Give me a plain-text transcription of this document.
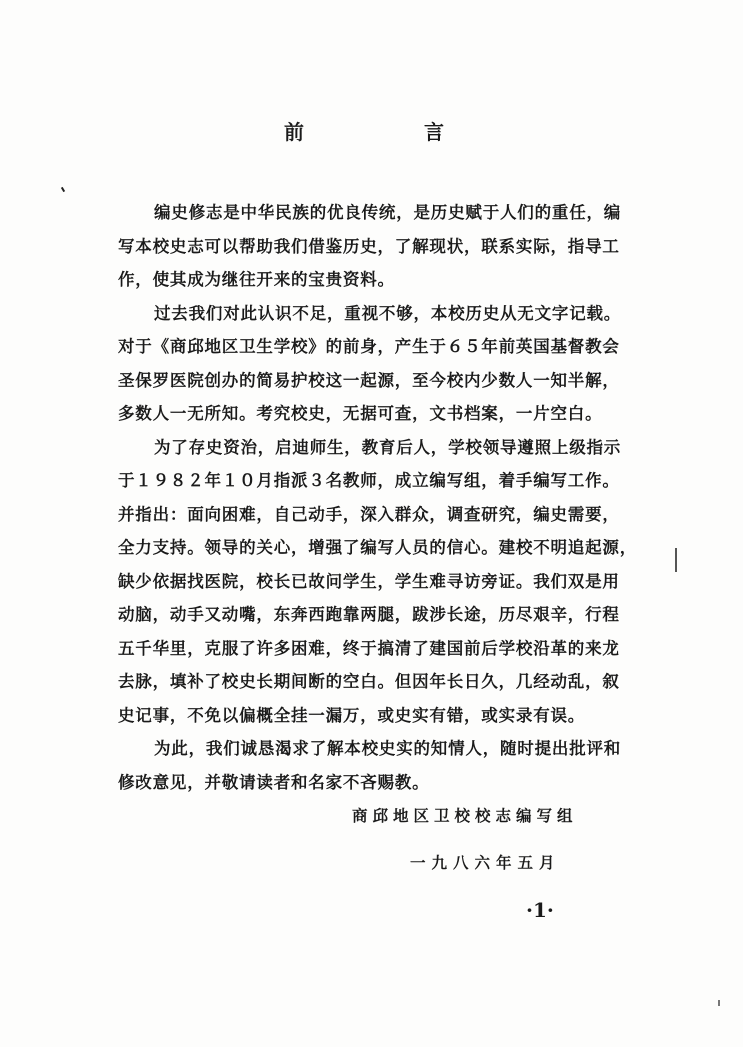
前	言
编史修志是中华民族的优良传统，是历史赋于人们的重任，编
写本校史志可以帮助我们借鉴历史，了解现状，联系实际，指导工
作，使其成为继往开来的宝贵资料。
过去我们对此认识不足，重视不够，本校历史从无文字记载。
对于《商邱地区卫生学校》的前身，产生于６５年前英国基督教会
圣保罗医院创办的简易护校这一起源，至今校内少数人一知半解，
多数人一无所知。考究校史，无据可查，文书档案，一片空白。
为了存史资治，启迪师生，教育后人，学校领导遵照上级指示
于１９８２年１０月指派３名教师，成立编写组，着手编写工作。
并指出：面向困难，自己动手，深入群众，调查研究，编史需要，
全力支持。领导的关心，增强了编写人员的信心。建校不明追起源，
缺少依据找医院，校长已故问学生，学生难寻访旁证。我们双是用
动脑，动手又动嘴，东奔西跑靠两腿，跋涉长途，历尽艰辛，行程
五千华里，克服了许多困难，终于搞清了建国前后学校沿革的来龙
去脉，填补了校史长期间断的空白。但因年长日久，几经动乱，叙
史记事，不免以偏概全挂一漏万，或史实有错，或实录有误。
为此，我们诚恳渴求了解本校史实的知情人，随时提出批评和
修改意见，并敬请读者和名家不吝赐教。
商邱地区卫校校志编写组
一九八六年五月
·1·
